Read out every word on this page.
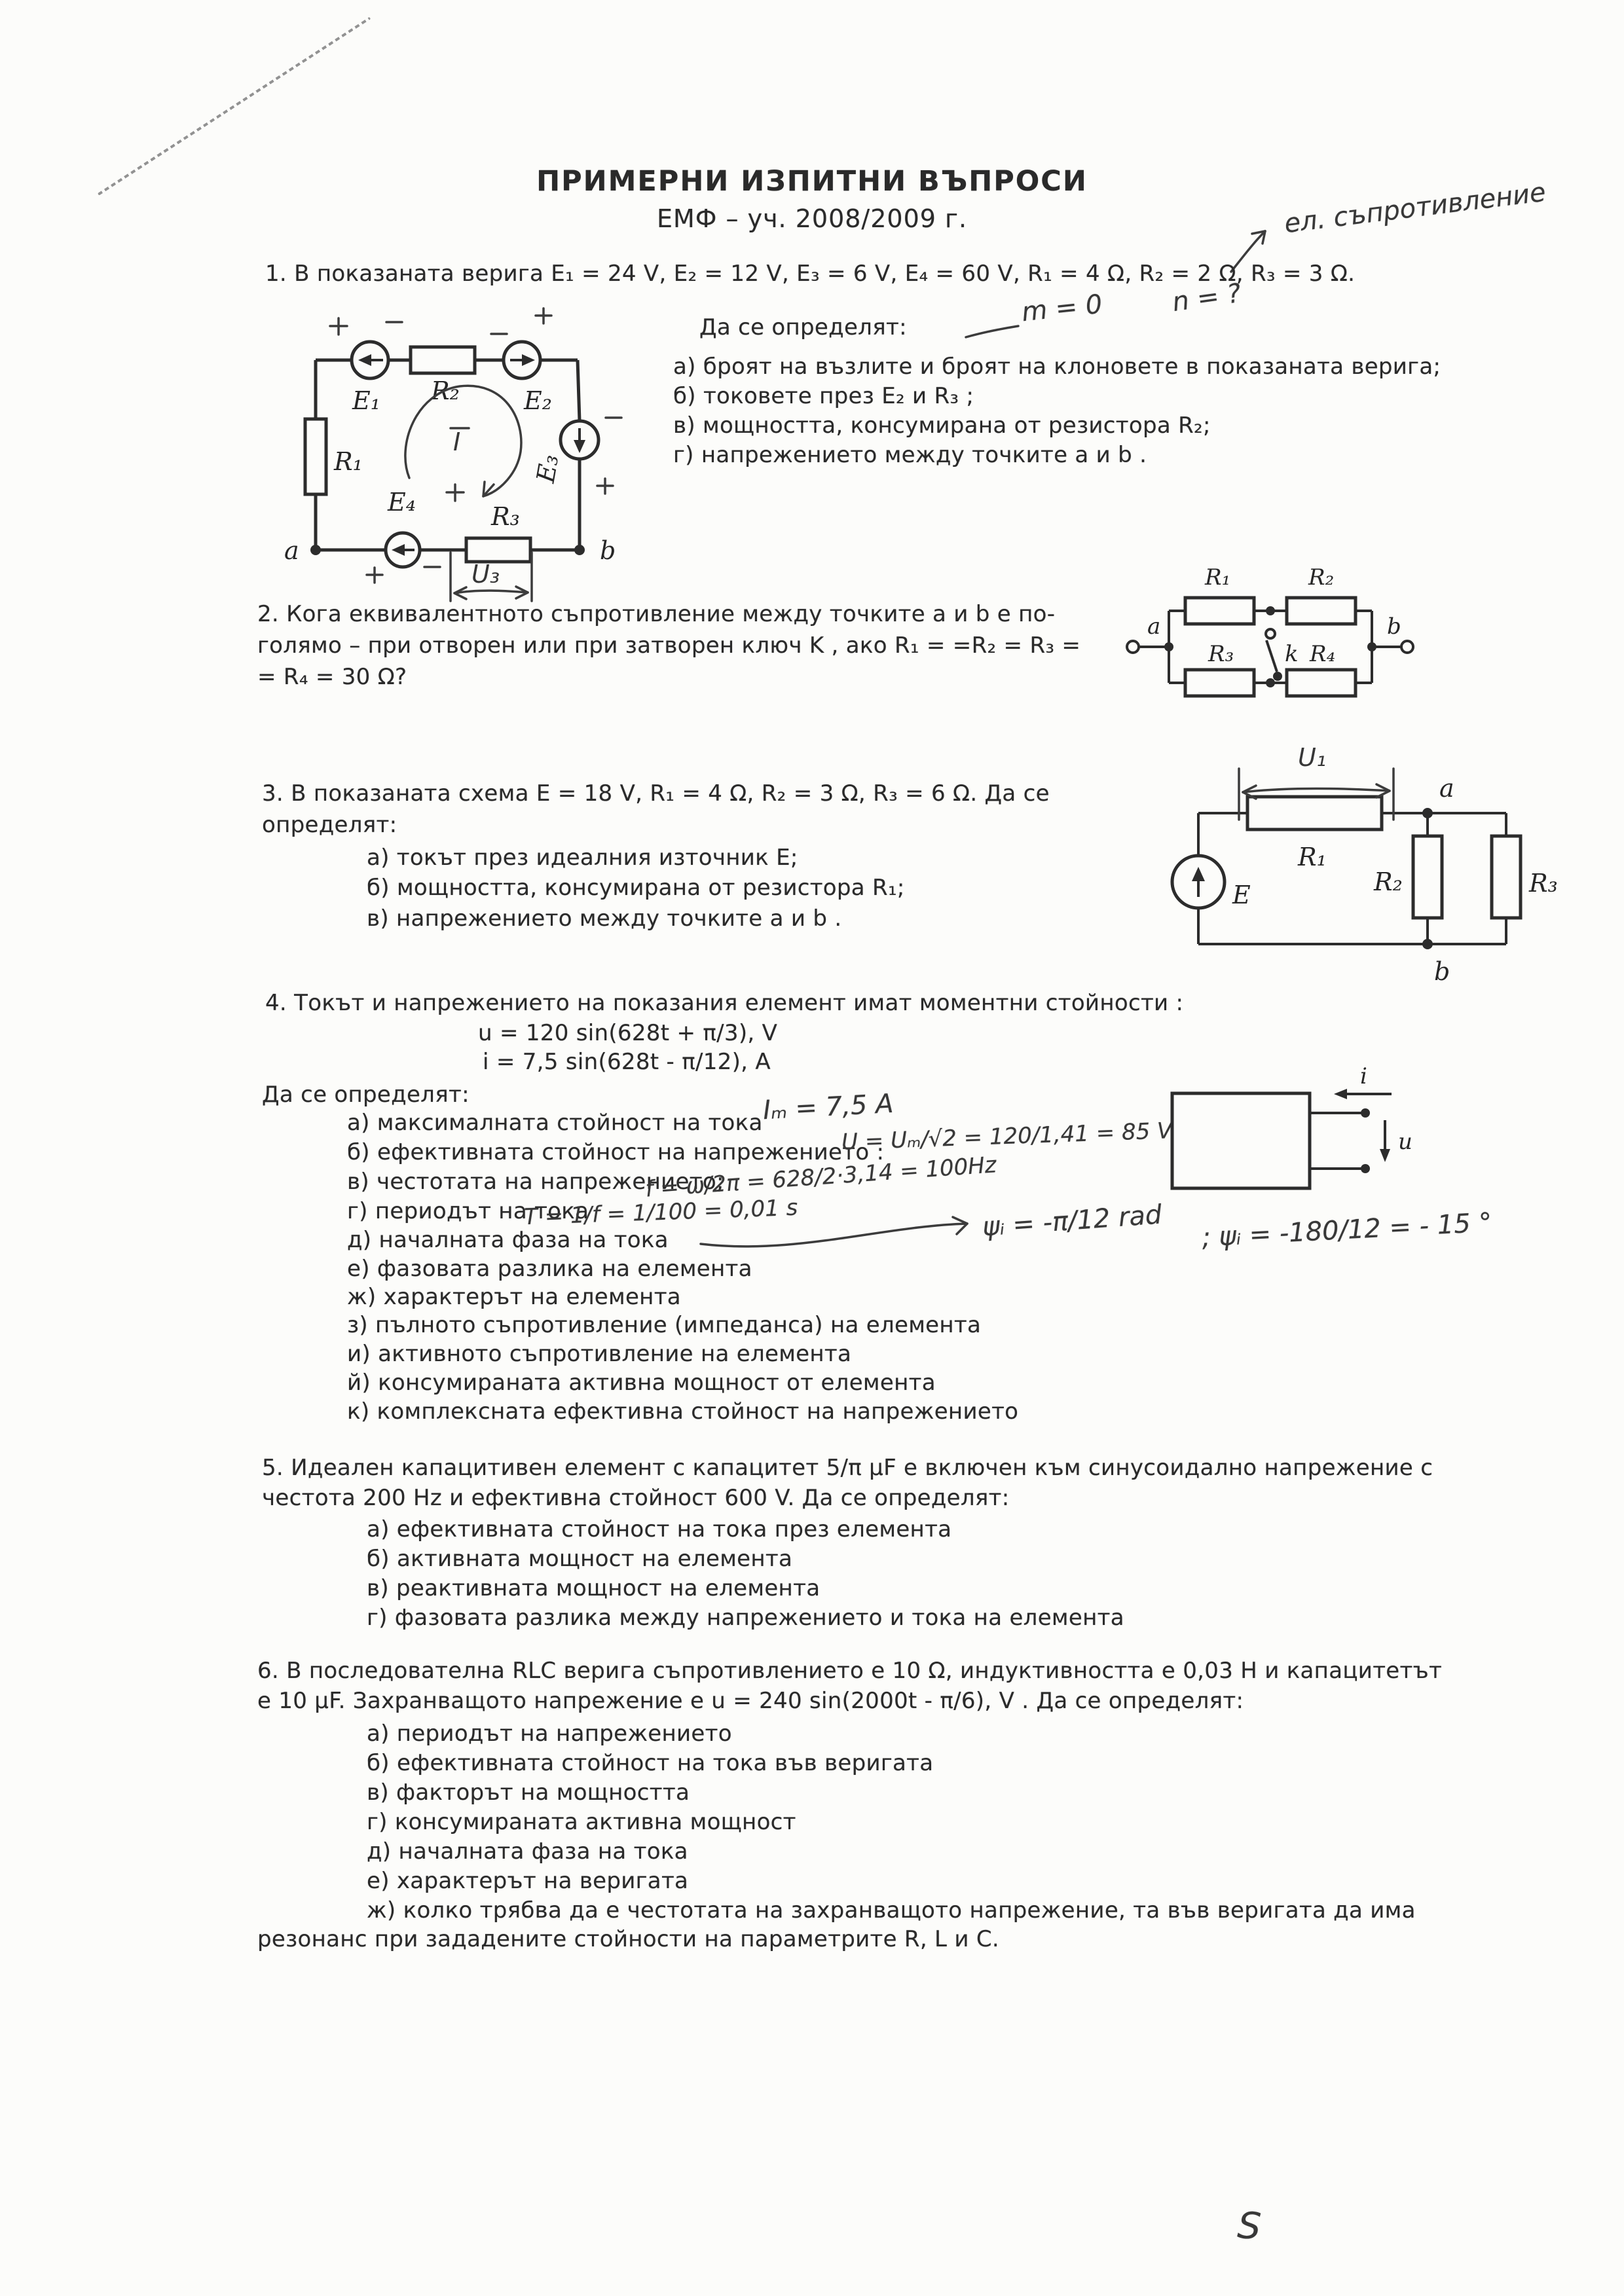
ПРИМЕРНИ ИЗПИТНИ ВЪПРОСИ
ЕМФ – уч. 2008/2009 г.	ел. съпротивление
1. В показаната верига E₁ = 24 V, E₂ = 12 V, E₃ = 6 V, E₄ = 60 V, R₁ = 4 Ω, R₂ = 2 Ω, R₃ = 3 Ω.
E₁ R₂	E₂
R₁	E₃
E₄	R₃
a	b
I
U₃
Да се определят:	m = 0	n = ?
а) броят на възлите и броят на клоновете в показаната верига;
б) токовете през E₂ и R₃ ;
в) мощността, консумирана от резистора R₂;
г) напрежението между точките a и b .
2. Кога еквивалентното съпротивление между точките a и b е по-
голямо – при отворен или при затворен ключ K , ако R₁ = =R₂ = R₃ =
= R₄ = 30 Ω?
R₁	R₂
a	b
R₃ k R₄
3. В показаната схема E = 18 V, R₁ = 4 Ω, R₂ = 3 Ω, R₃ = 6 Ω. Да се
определят:
а) токът през идеалния източник E;
б) мощността, консумирана от резистора R₁;
в) напрежението между точките a и b .
U₁
a
b
E
R₁
R₂	R₃
4. Токът и напрежението на показания елемент имат моментни стойности :
u = 120 sin(628t + π/3), V
i = 7,5 sin(628t - π/12), A
Да се определят:
а) максималната стойност на тока
б) ефективната стойност на напрежението :
в) честотата на напрежението;
г) периодът на тока
д) началната фаза на тока
е) фазовата разлика на елемента
ж) характерът на елемента
з) пълното съпротивление (импеданса) на елемента
и) активното съпротивление на елемента
й) консумираната активна мощност от елемента
к) комплексната ефективна стойност на напрежението
Iₘ = 7,5 A
U = Uₘ/√2 = 120/1,41 = 85 V
f = ω/2π = 628/2·3,14 = 100Hz
T = 1/f = 1/100 = 0,01 s	ψᵢ = -π/12 rad ; ψᵢ = -180/12 = - 15 °
i
u
5. Идеален капацитивен елемент с капацитет 5/π μF е включен към синусоидално напрежение с
честота 200 Hz и ефективна стойност 600 V. Да се определят:
а) ефективната стойност на тока през елемента
б) активната мощност на елемента
в) реактивната мощност на елемента
г) фазовата разлика между напрежението и тока на елемента
6. В последователна RLC верига съпротивлението е 10 Ω, индуктивността е 0,03 H и капацитетът
е 10 μF. Захранващото напрежение е u = 240 sin(2000t - π/6), V . Да се определят:
а) периодът на напрежението
б) ефективната стойност на тока във веригата
в) факторът на мощността
г) консумираната активна мощност
д) началната фаза на тока
е) характерът на веригата
ж) колко трябва да е честотата на захранващото напрежение, та във веригата да има
резонанс при зададените стойности на параметрите R, L и C.
S
